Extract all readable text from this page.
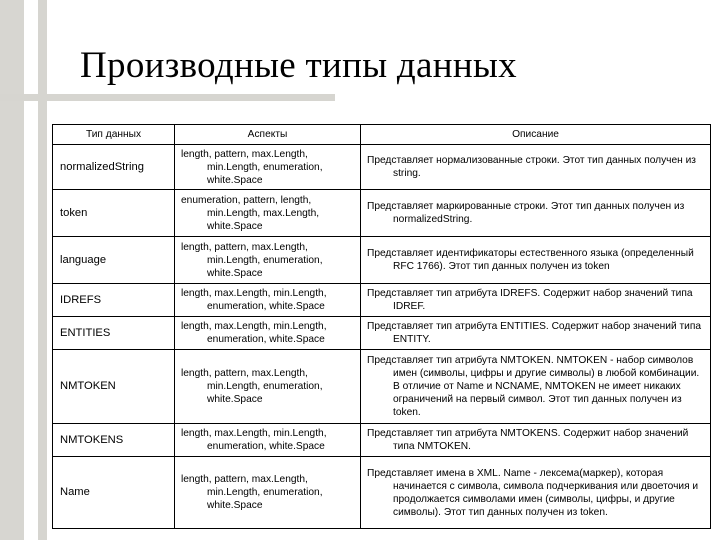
Производные типы данных
Тип данных	Аспекты	Описание
normalizedString	length, pattern, max.Length, min.Length, enumeration, white.Space	Представляет нормализованные строки. Этот тип данных получен из string.

token	enumeration, pattern, length, min.Length, max.Length, white.Space	Представляет маркированные строки. Этот тип данных получен из normalizedString.

language	length, pattern, max.Length, min.Length, enumeration, white.Space	Представляет идентификаторы естественного языка (определенный RFC 1766). Этот тип данных получен из token

IDREFS	length, max.Length, min.Length, enumeration, white.Space	Представляет тип атрибута IDREFS. Содержит набор значений типа IDREF.

ENTITIES	length, max.Length, min.Length, enumeration, white.Space	Представляет тип атрибута ENTITIES. Содержит набор значений типа ENTITY.

NMTOKEN	length, pattern, max.Length, min.Length, enumeration, white.Space	Представляет тип атрибута NMTOKEN. NMTOKEN - набор символов имен (символы, цифры и другие символы) в любой комбинации. В отличие от Name и NCNAME, NMTOKEN не имеет никаких ограничений на первый символ. Этот тип данных получен из token.

NMTOKENS	length, max.Length, min.Length, enumeration, white.Space	Представляет тип атрибута NMTOKENS. Содержит набор значений типа NMTOKEN.

Name	length, pattern, max.Length, min.Length, enumeration, white.Space	Представляет имена в XML. Name - лексема(маркер), которая начинается с символа, символа подчеркивания или двоеточия и продолжается символами имен (символы, цифры, и другие символы). Этот тип данных получен из token.
